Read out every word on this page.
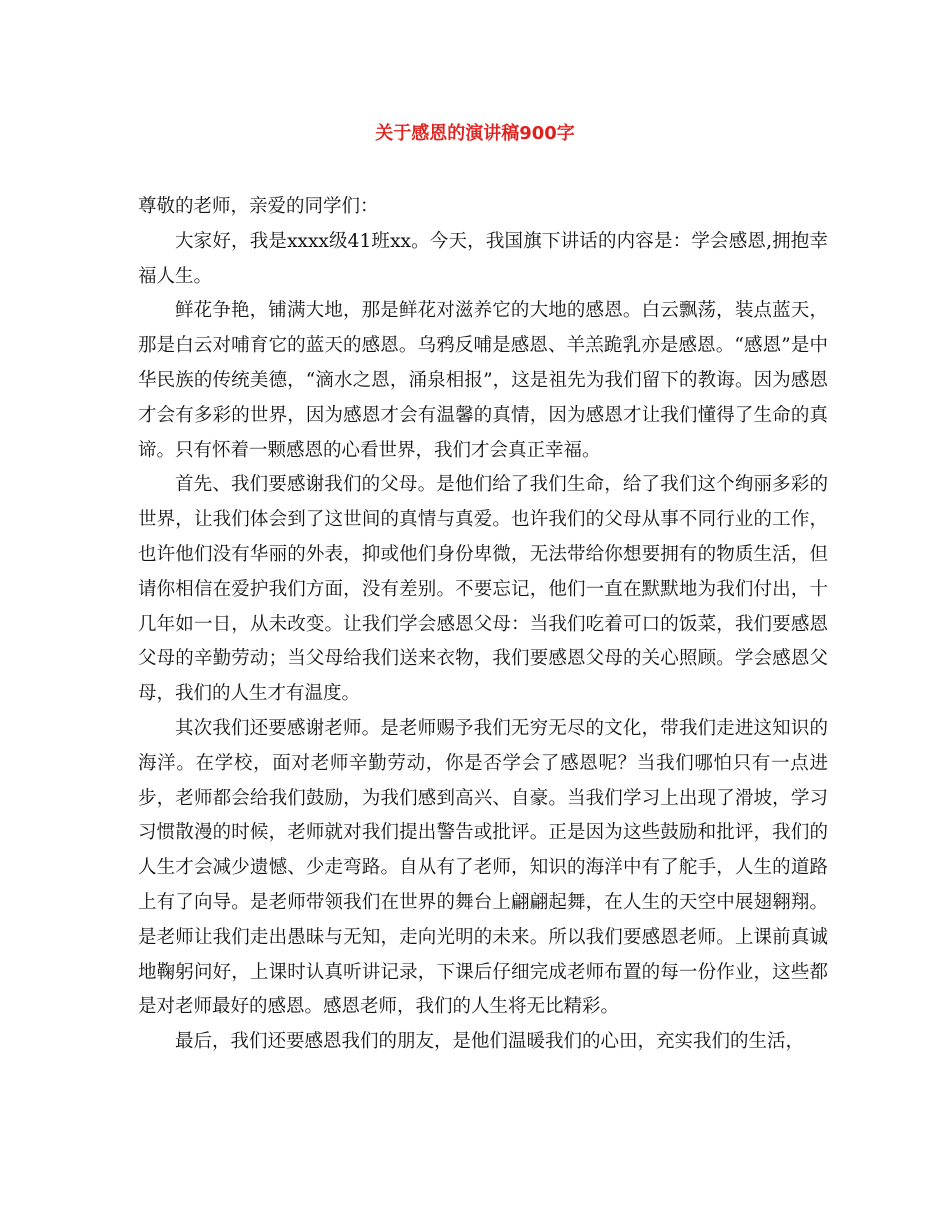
关于感恩的演讲稿900字

尊敬的老师，亲爱的同学们：

大家好，我是xxxx级41班xx。今天，我国旗下讲话的内容是：学会感恩,拥抱幸福人生。

鲜花争艳，铺满大地，那是鲜花对滋养它的大地的感恩。白云飘荡，装点蓝天，那是白云对哺育它的蓝天的感恩。乌鸦反哺是感恩、羊羔跪乳亦是感恩。“感恩”是中华民族的传统美德，“滴水之恩，涌泉相报”，这是祖先为我们留下的教诲。因为感恩才会有多彩的世界，因为感恩才会有温馨的真情，因为感恩才让我们懂得了生命的真谛。只有怀着一颗感恩的心看世界，我们才会真正幸福。

首先、我们要感谢我们的父母。是他们给了我们生命，给了我们这个绚丽多彩的世界，让我们体会到了这世间的真情与真爱。也许我们的父母从事不同行业的工作，也许他们没有华丽的外表，抑或他们身份卑微，无法带给你想要拥有的物质生活，但请你相信在爱护我们方面，没有差别。不要忘记，他们一直在默默地为我们付出，十几年如一日，从未改变。让我们学会感恩父母：当我们吃着可口的饭菜，我们要感恩父母的辛勤劳动；当父母给我们送来衣物，我们要感恩父母的关心照顾。学会感恩父母，我们的人生才有温度。

其次我们还要感谢老师。是老师赐予我们无穷无尽的文化，带我们走进这知识的海洋。在学校，面对老师辛勤劳动，你是否学会了感恩呢？当我们哪怕只有一点进步，老师都会给我们鼓励，为我们感到高兴、自豪。当我们学习上出现了滑坡，学习习惯散漫的时候，老师就对我们提出警告或批评。正是因为这些鼓励和批评，我们的人生才会减少遗憾、少走弯路。自从有了老师，知识的海洋中有了舵手，人生的道路上有了向导。是老师带领我们在世界的舞台上翩翩起舞，在人生的天空中展翅翱翔。是老师让我们走出愚昧与无知，走向光明的未来。所以我们要感恩老师。上课前真诚地鞠躬问好，上课时认真听讲记录，下课后仔细完成老师布置的每一份作业，这些都是对老师最好的感恩。感恩老师，我们的人生将无比精彩。

最后，我们还要感恩我们的朋友，是他们温暖我们的心田，充实我们的生活，
